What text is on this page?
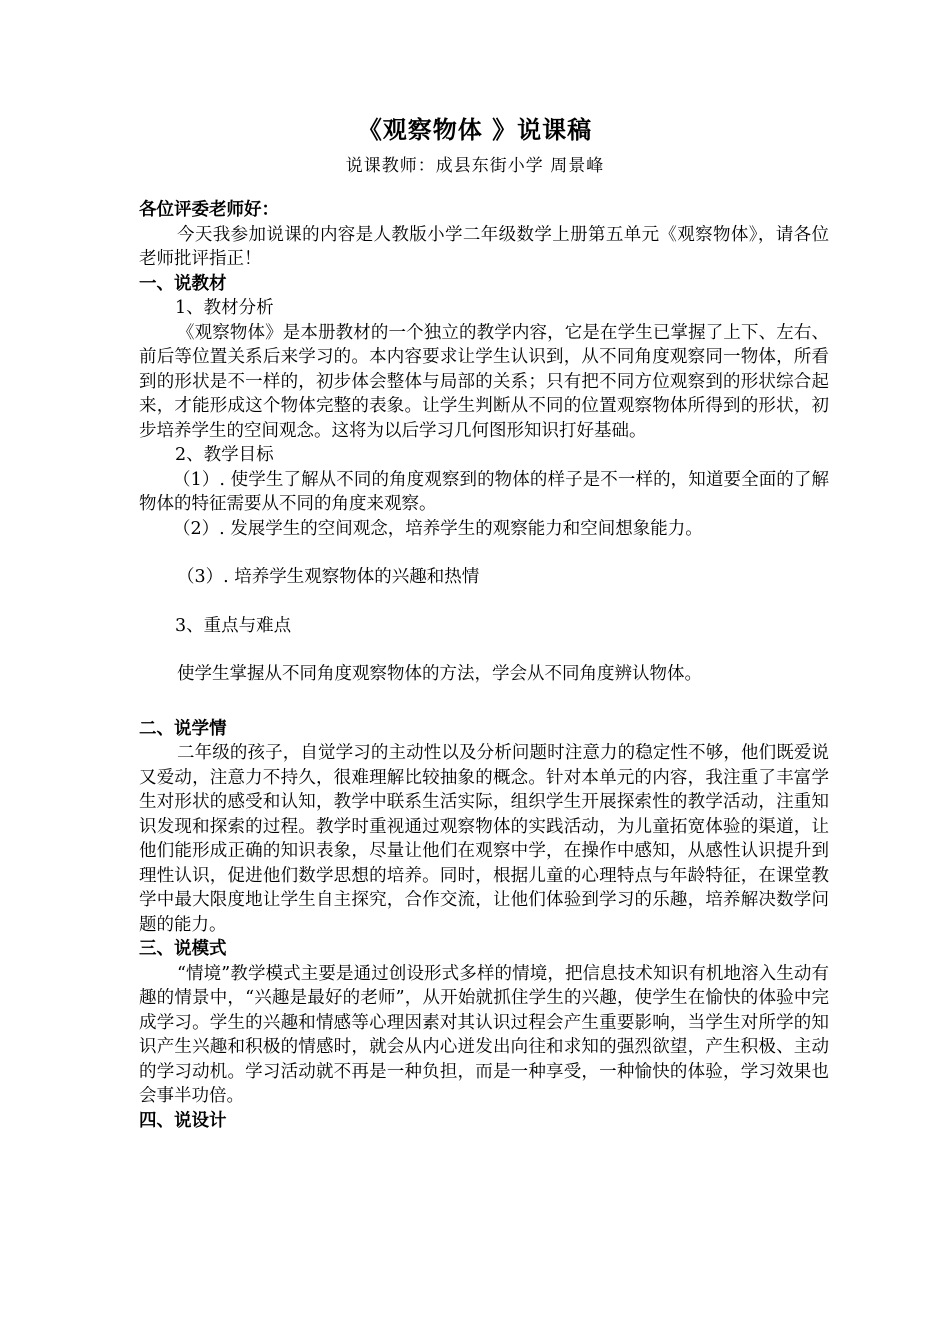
《观察物体 》说课稿
说课教师：成县东街小学 周景峰

各位评委老师好：

今天我参加说课的内容是人教版小学二年级数学上册第五单元《观察物体》，请各位老师批评指正！

一、说教材

1、教材分析

《观察物体》是本册教材的一个独立的教学内容，它是在学生已掌握了上下、左右、前后等位置关系后来学习的。本内容要求让学生认识到，从不同角度观察同一物体，所看到的形状是不一样的，初步体会整体与局部的关系；只有把不同方位观察到的形状综合起来，才能形成这个物体完整的表象。让学生判断从不同的位置观察物体所得到的形状，初步培养学生的空间观念。这将为以后学习几何图形知识打好基础。

2、教学目标

（1）. 使学生了解从不同的角度观察到的物体的样子是不一样的，知道要全面的了解物体的特征需要从不同的角度来观察。

（2）. 发展学生的空间观念，培养学生的观察能力和空间想象能力。

（3）. 培养学生观察物体的兴趣和热情

3、重点与难点

使学生掌握从不同角度观察物体的方法，学会从不同角度辨认物体。

二、说学情

二年级的孩子，自觉学习的主动性以及分析问题时注意力的稳定性不够，他们既爱说又爱动，注意力不持久，很难理解比较抽象的概念。针对本单元的内容，我注重了丰富学生对形状的感受和认知，教学中联系生活实际，组织学生开展探索性的教学活动，注重知识发现和探索的过程。教学时重视通过观察物体的实践活动，为儿童拓宽体验的渠道，让他们能形成正确的知识表象，尽量让他们在观察中学，在操作中感知，从感性认识提升到理性认识，促进他们数学思想的培养。同时，根据儿童的心理特点与年龄特征，在课堂教学中最大限度地让学生自主探究，合作交流，让他们体验到学习的乐趣，培养解决数学问题的能力。

三、说模式

“情境”教学模式主要是通过创设形式多样的情境，把信息技术知识有机地溶入生动有趣的情景中，“兴趣是最好的老师”，从开始就抓住学生的兴趣，使学生在愉快的体验中完成学习。学生的兴趣和情感等心理因素对其认识过程会产生重要影响，当学生对所学的知识产生兴趣和积极的情感时，就会从内心迸发出向往和求知的强烈欲望，产生积极、主动的学习动机。学习活动就不再是一种负担，而是一种享受，一种愉快的体验，学习效果也会事半功倍。

四、说设计
